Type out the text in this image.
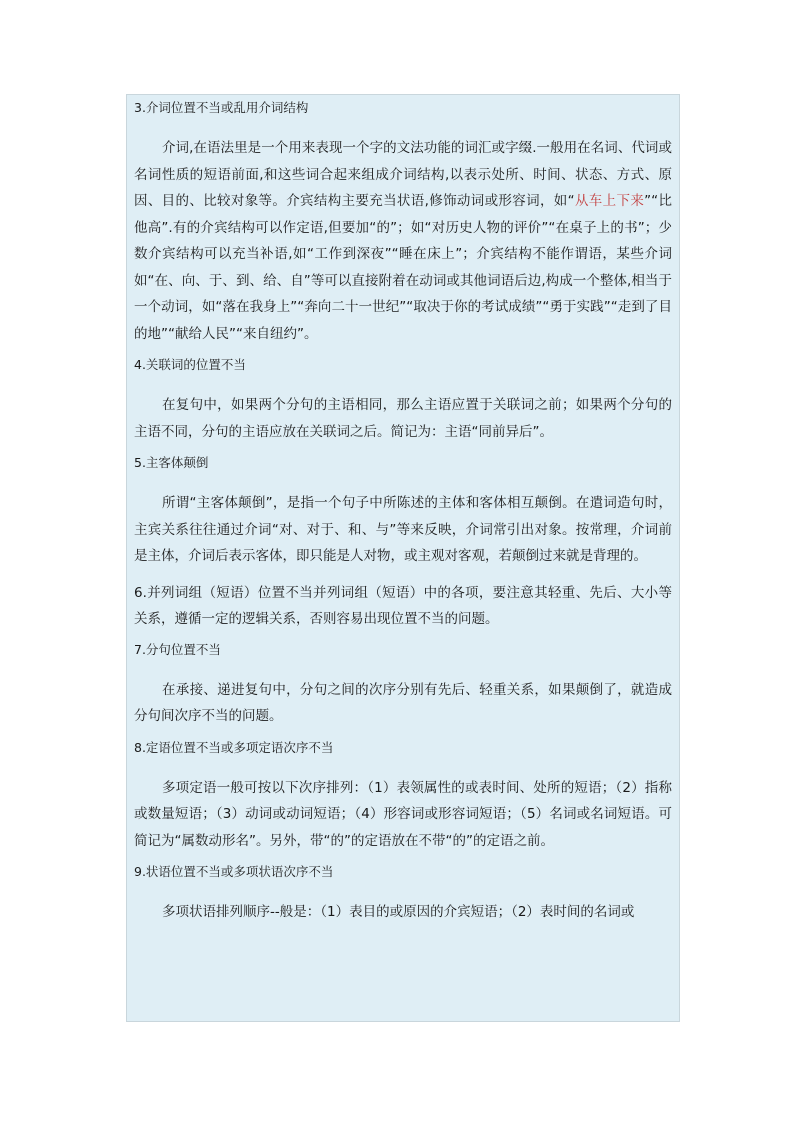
3.介词位置不当或乱用介词结构

介词,在语法里是一个用来表现一个字的文法功能的词汇或字缀.一般用在名词、代词或名词性质的短语前面,和这些词合起来组成介词结构,以表示处所、时间、状态、方式、原因、目的、比较对象等。介宾结构主要充当状语,修饰动词或形容词，如“从车上下来”“比他高”.有的介宾结构可以作定语,但要加“的”；如“对历史人物的评价”“在桌子上的书”；少数介宾结构可以充当补语,如“工作到深夜”“睡在床上”；介宾结构不能作谓语，某些介词如“在、向、于、到、给、自”等可以直接附着在动词或其他词语后边,构成一个整体,相当于一个动词，如“落在我身上”“奔向二十一世纪”“取决于你的考试成绩”“勇于实践”“走到了目的地”“献给人民”“来自纽约”。

4.关联词的位置不当

在复句中，如果两个分句的主语相同，那么主语应置于关联词之前；如果两个分句的主语不同，分句的主语应放在关联词之后。简记为：主语“同前异后”。

5.主客体颠倒

所谓“主客体颠倒”，是指一个句子中所陈述的主体和客体相互颠倒。在遣词造句时，主宾关系往往通过介词“对、对于、和、与”等来反映，介词常引出对象。按常理，介词前是主体，介词后表示客体，即只能是人对物，或主观对客观，若颠倒过来就是背理的。

6.并列词组（短语）位置不当并列词组（短语）中的各项，要注意其轻重、先后、大小等关系，遵循一定的逻辑关系，否则容易出现位置不当的问题。

7.分句位置不当

在承接、递进复句中，分句之间的次序分别有先后、轻重关系，如果颠倒了，就造成分句间次序不当的问题。

8.定语位置不当或多项定语次序不当

多项定语一般可按以下次序排列：（1）表领属性的或表时间、处所的短语；（2）指称或数量短语；（3）动词或动词短语；（4）形容词或形容词短语；（5）名词或名词短语。可简记为“属数动形名”。另外，带“的”的定语放在不带“的”的定语之前。

9.状语位置不当或多项状语次序不当

多项状语排列顺序--般是：（1）表目的或原因的介宾短语；（2）表时间的名词或
